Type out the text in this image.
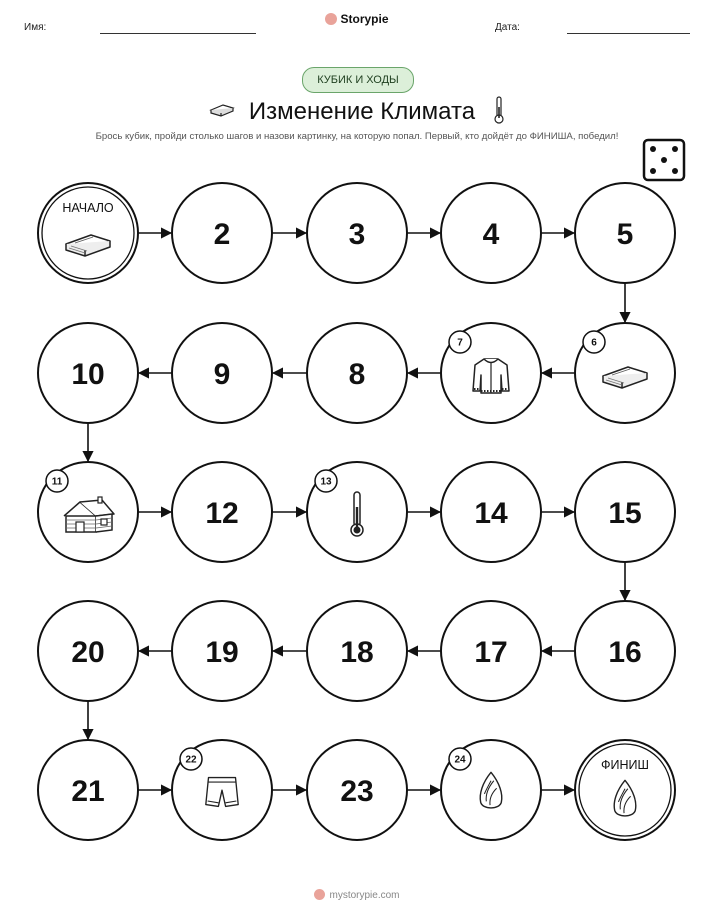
Имя:
Storypie
Дата:
КУБИК И ХОДЫ
Изменение Климата
Брось кубик, пройди столько шагов и назови картинку, на которую попал. Первый, кто дойдёт до ФИНИША, победил!
НАЧАЛО
2	3	4	5
6
7
8
9
10
11
12
13
14	15
16
17
18
19
20
21
22
23
24	ФИНИШ
mystorypie.com
